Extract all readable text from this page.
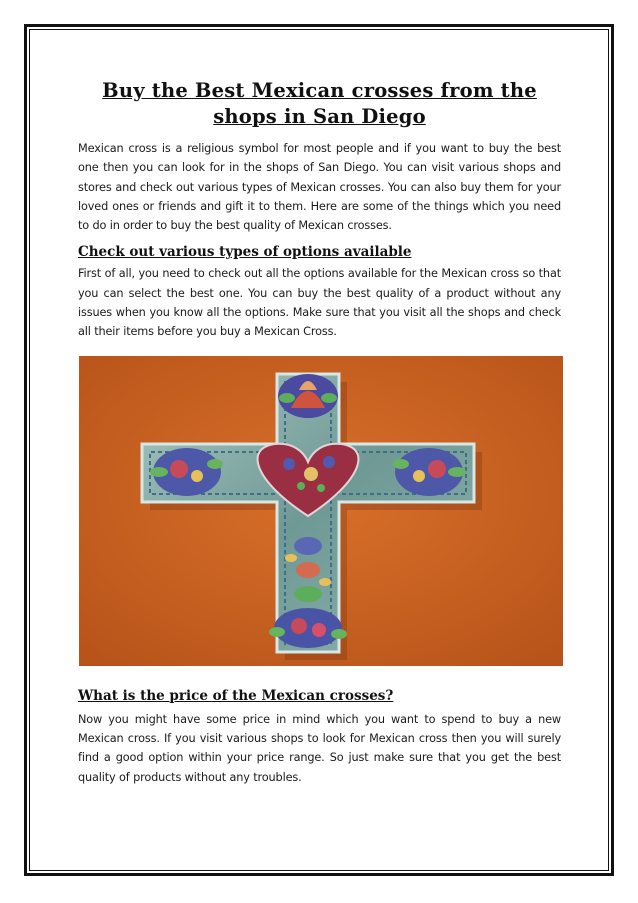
Buy the Best Mexican crosses from the shops in San Diego

Mexican cross is a religious symbol for most people and if you want to buy the best one then you can look for in the shops of San Diego. You can visit various shops and stores and check out various types of Mexican crosses. You can also buy them for your loved ones or friends and gift it to them. Here are some of the things which you need to do in order to buy the best quality of Mexican crosses.

Check out various types of options available

First of all, you need to check out all the options available for the Mexican cross so that you can select the best one. You can buy the best quality of a product without any issues when you know all the options. Make sure that you visit all the shops and check all their items before you buy a Mexican Cross.

What is the price of the Mexican crosses?

Now you might have some price in mind which you want to spend to buy a new Mexican cross. If you visit various shops to look for Mexican cross then you will surely find a good option within your price range. So just make sure that you get the best quality of products without any troubles.
